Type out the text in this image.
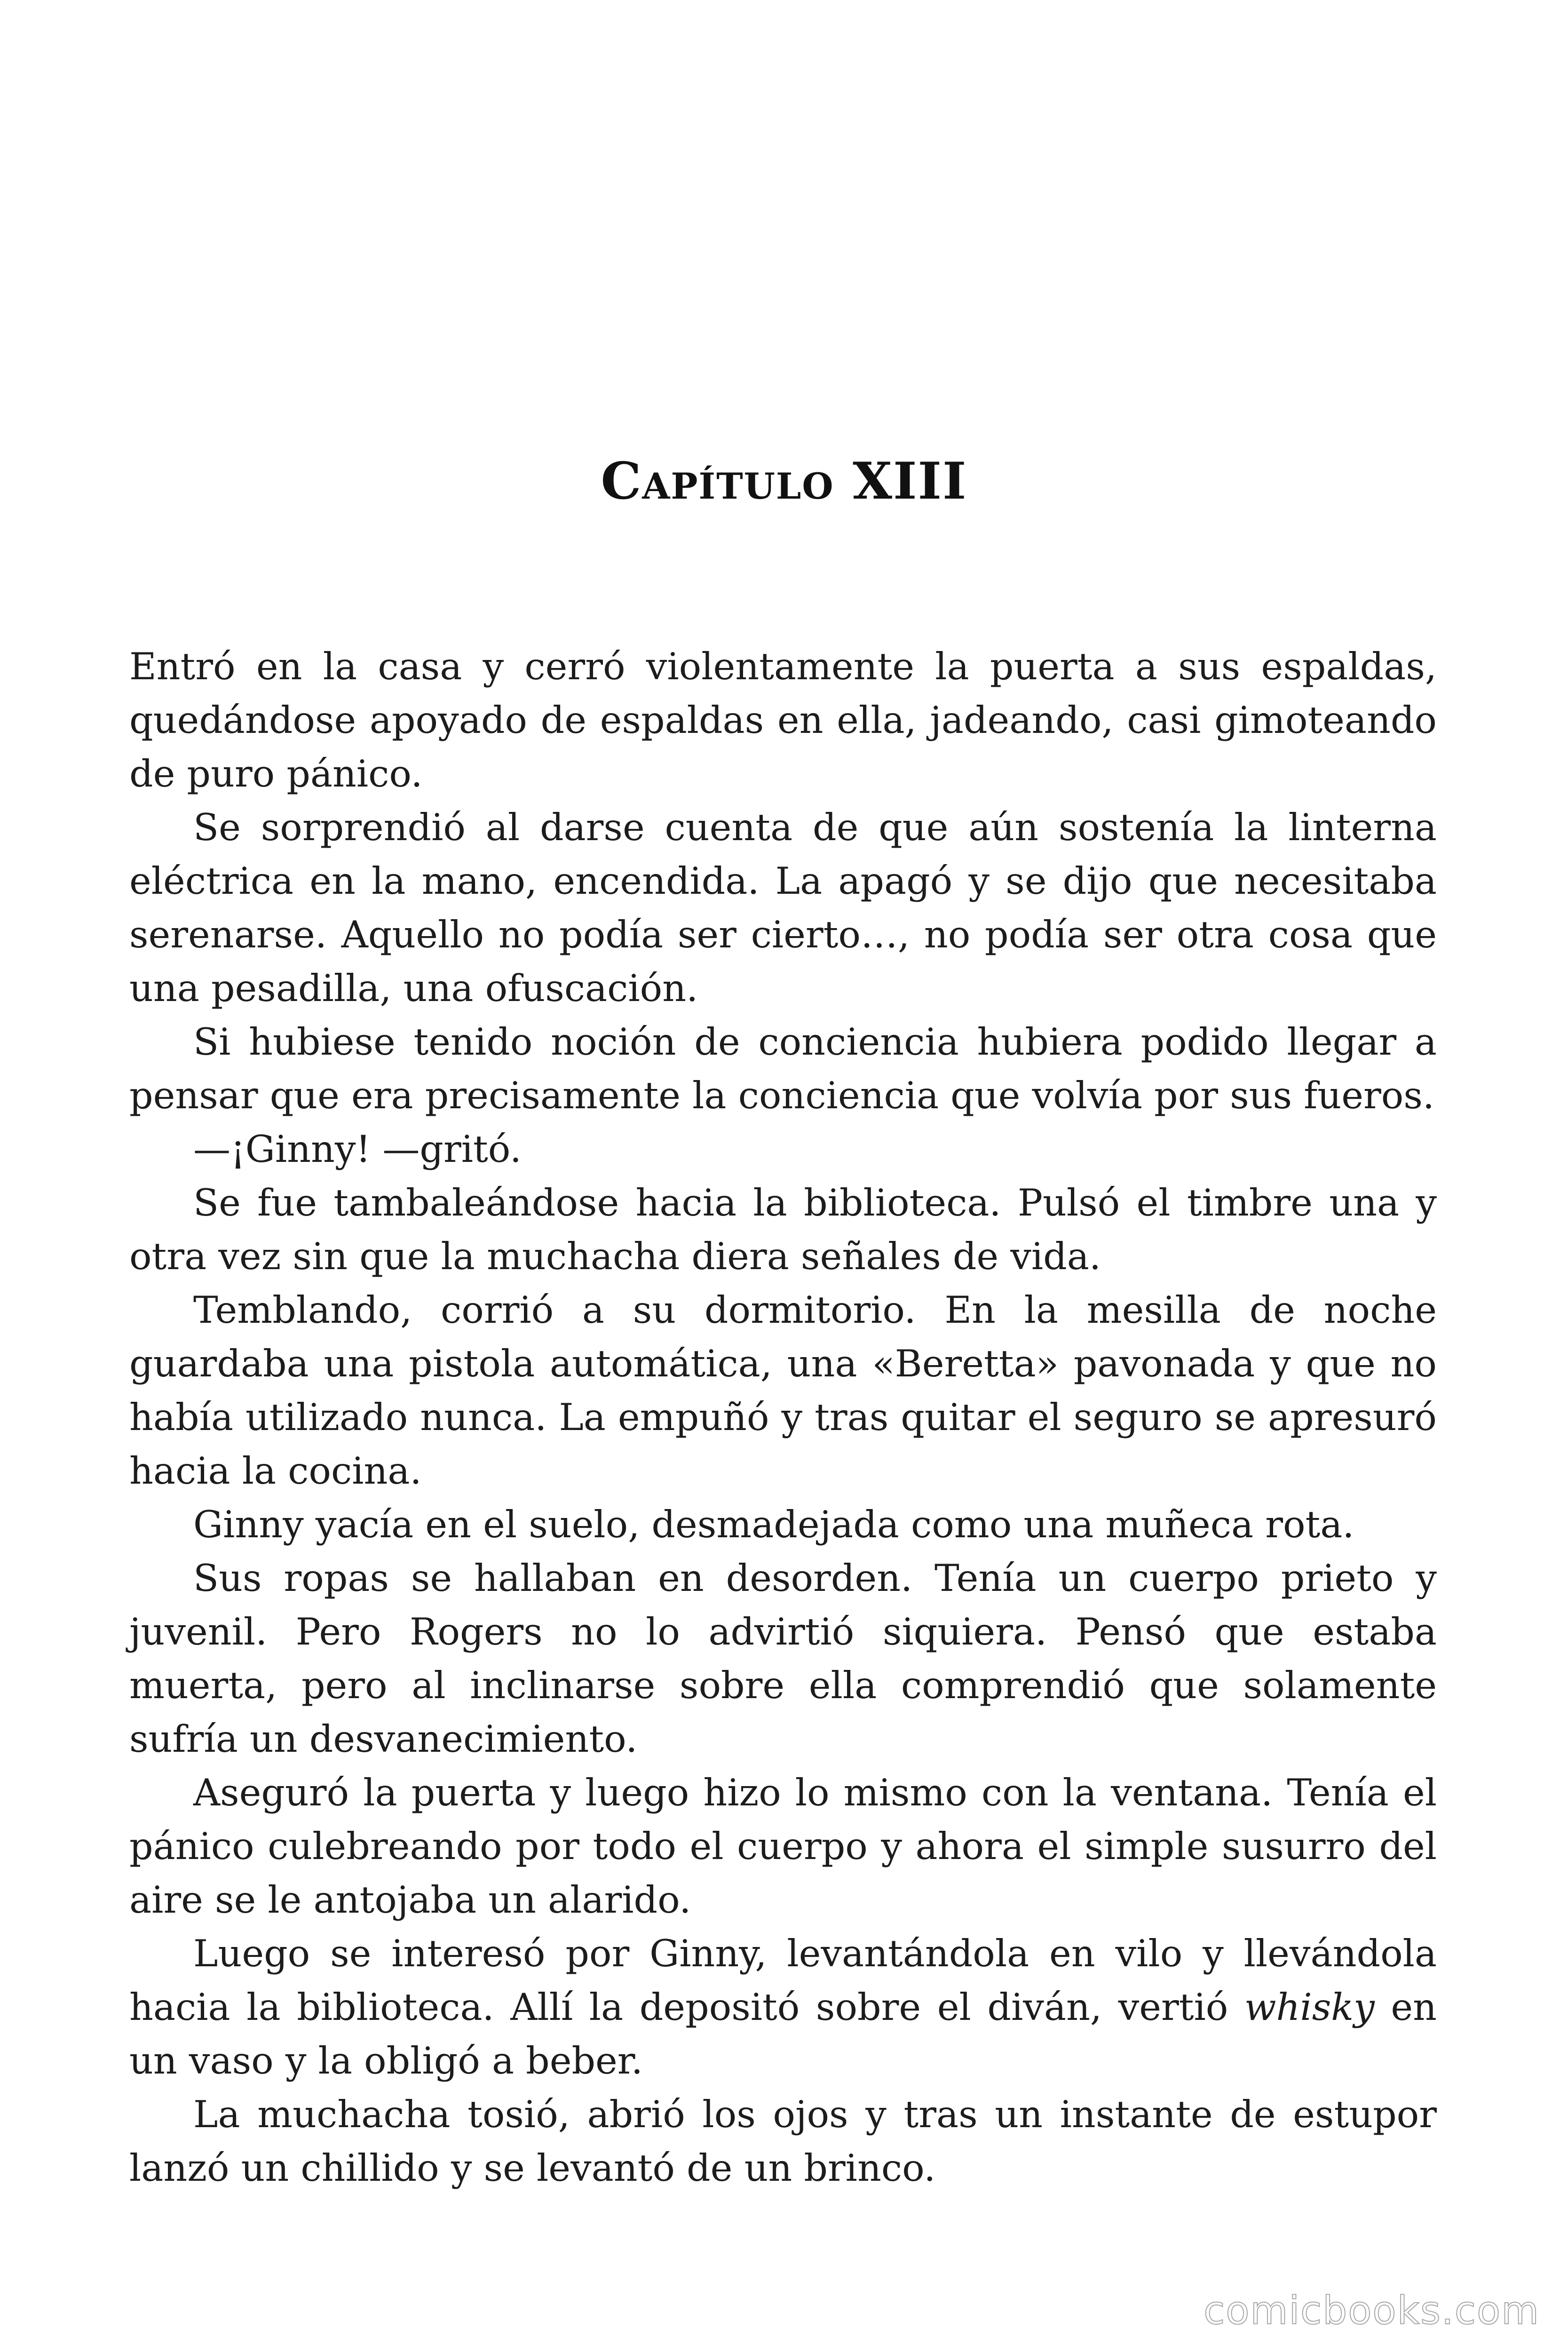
Capítulo XIII

Entró en la casa y cerró violentamente la puerta a sus espaldas, quedándose apoyado de espaldas en ella, jadeando, casi gimoteando de puro pánico.

Se sorprendió al darse cuenta de que aún sostenía la linterna eléctrica en la mano, encendida. La apagó y se dijo que necesitaba serenarse. Aquello no podía ser cierto…, no podía ser otra cosa que una pesadilla, una ofuscación.

Si hubiese tenido noción de conciencia hubiera podido llegar a pensar que era precisamente la conciencia que volvía por sus fueros.

—¡Ginny! —gritó.

Se fue tambaleándose hacia la biblioteca. Pulsó el timbre una y otra vez sin que la muchacha diera señales de vida.

Temblando, corrió a su dormitorio. En la mesilla de noche guardaba una pistola automática, una «Beretta» pavonada y que no había utilizado nunca. La empuñó y tras quitar el seguro se apresuró hacia la cocina.

Ginny yacía en el suelo, desmadejada como una muñeca rota.

Sus ropas se hallaban en desorden. Tenía un cuerpo prieto y juvenil. Pero Rogers no lo advirtió siquiera. Pensó que estaba muerta, pero al inclinarse sobre ella comprendió que solamente sufría un desvanecimiento.

Aseguró la puerta y luego hizo lo mismo con la ventana. Tenía el pánico culebreando por todo el cuerpo y ahora el simple susurro del aire se le antojaba un alarido.

Luego se interesó por Ginny, levantándola en vilo y llevándola hacia la biblioteca. Allí la depositó sobre el diván, vertió whisky en un vaso y la obligó a beber.

La muchacha tosió, abrió los ojos y tras un instante de estupor lanzó un chillido y se levantó de un brinco.

comicbooks.com
